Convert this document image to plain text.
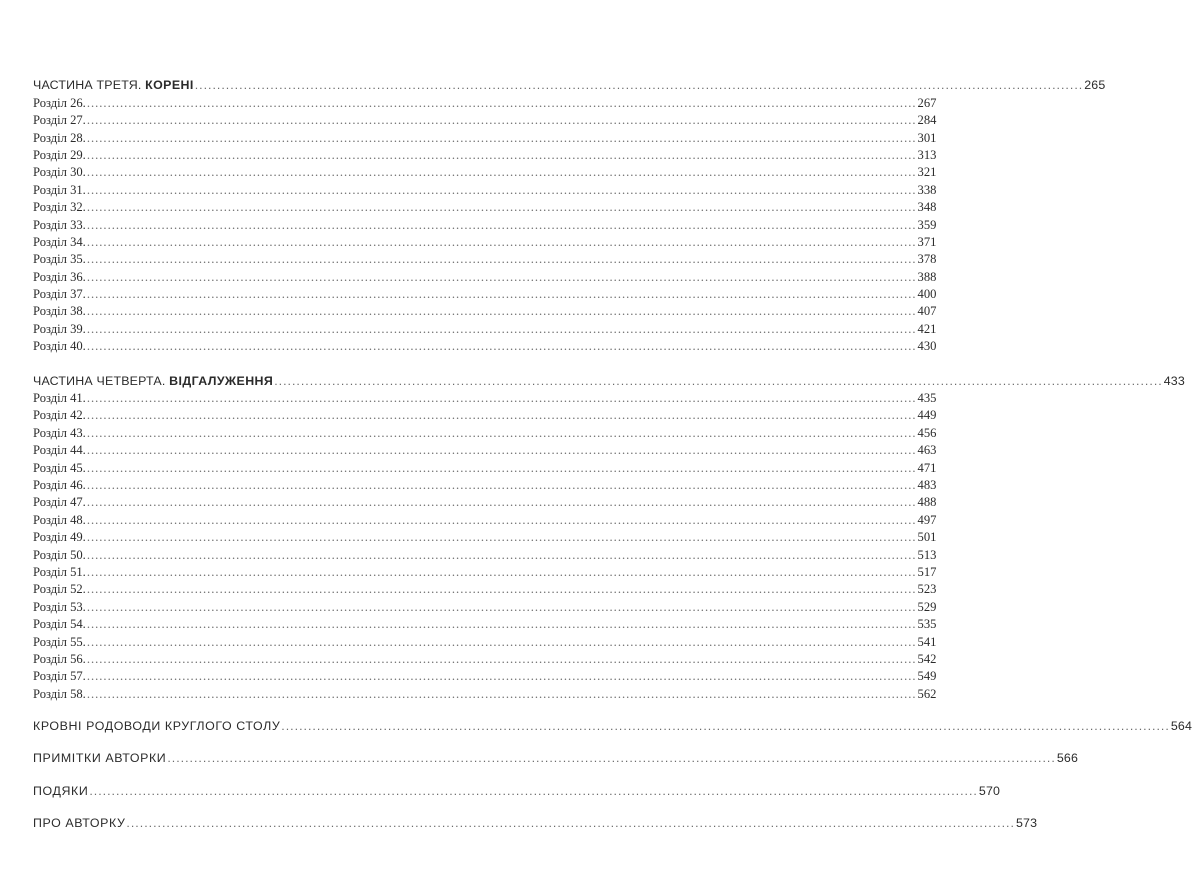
ЧАСТИНА ТРЕТЯ. КОРЕНІ ........................................................................................................................................................................................................ 265
Розділ 26. ........................................................................................................................................................................................................ 267
Розділ 27. ........................................................................................................................................................................................................ 284
Розділ 28. ........................................................................................................................................................................................................ 301
Розділ 29. ........................................................................................................................................................................................................ 313
Розділ 30. ........................................................................................................................................................................................................ 321
Розділ 31. ........................................................................................................................................................................................................ 338
Розділ 32. ........................................................................................................................................................................................................ 348
Розділ 33. ........................................................................................................................................................................................................ 359
Розділ 34. ........................................................................................................................................................................................................ 371
Розділ 35. ........................................................................................................................................................................................................ 378
Розділ 36. ........................................................................................................................................................................................................ 388
Розділ 37. ........................................................................................................................................................................................................ 400
Розділ 38. ........................................................................................................................................................................................................ 407
Розділ 39. ........................................................................................................................................................................................................ 421
Розділ 40. ........................................................................................................................................................................................................ 430
ЧАСТИНА ЧЕТВЕРТА. ВІДГАЛУЖЕННЯ ........................................................................................................................................................................................................ 433
Розділ 41. ........................................................................................................................................................................................................ 435
Розділ 42. ........................................................................................................................................................................................................ 449
Розділ 43. ........................................................................................................................................................................................................ 456
Розділ 44. ........................................................................................................................................................................................................ 463
Розділ 45. ........................................................................................................................................................................................................ 471
Розділ 46. ........................................................................................................................................................................................................ 483
Розділ 47. ........................................................................................................................................................................................................ 488
Розділ 48. ........................................................................................................................................................................................................ 497
Розділ 49. ........................................................................................................................................................................................................ 501
Розділ 50. ........................................................................................................................................................................................................ 513
Розділ 51. ........................................................................................................................................................................................................ 517
Розділ 52. ........................................................................................................................................................................................................ 523
Розділ 53. ........................................................................................................................................................................................................ 529
Розділ 54. ........................................................................................................................................................................................................ 535
Розділ 55. ........................................................................................................................................................................................................ 541
Розділ 56. ........................................................................................................................................................................................................ 542
Розділ 57. ........................................................................................................................................................................................................ 549
Розділ 58. ........................................................................................................................................................................................................ 562
КРОВНІ РОДОВОДИ КРУГЛОГО СТОЛУ ........................................................................................................................................................................................................ 564
ПРИМІТКИ АВТОРКИ ........................................................................................................................................................................................................ 566
ПОДЯКИ ........................................................................................................................................................................................................ 570
ПРО АВТОРКУ ........................................................................................................................................................................................................ 573
